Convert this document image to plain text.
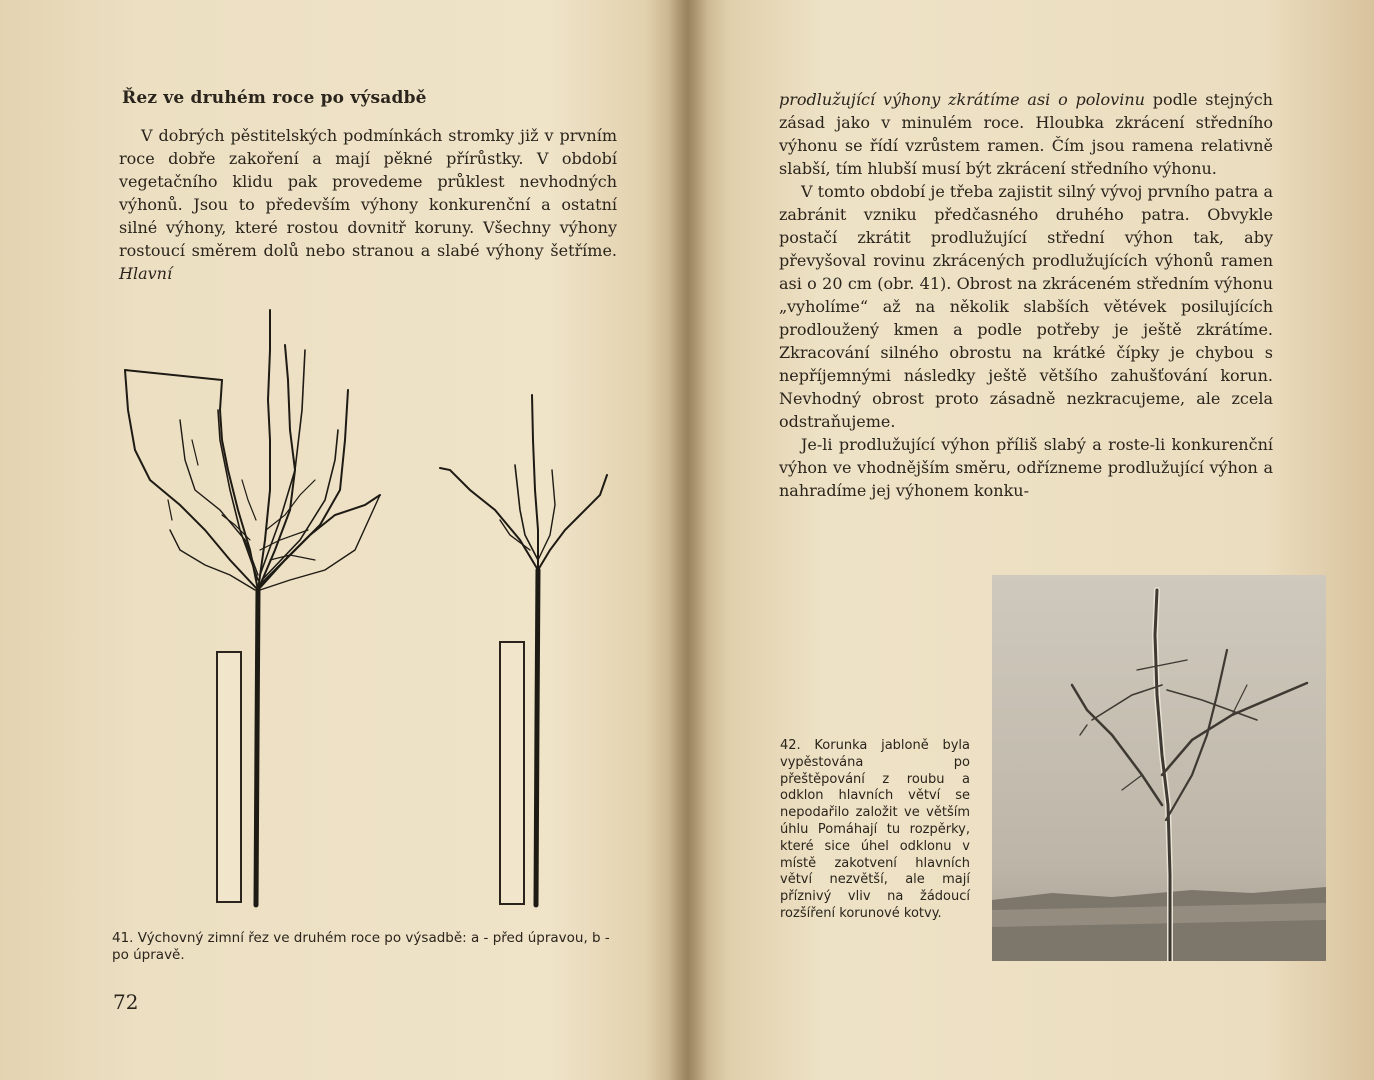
Řez ve druhém roce po výsadbě

V dobrých pěstitelských podmínkách stromky již v prvním roce dobře zakoření a mají pěkné přírůstky. V období vegetačního klidu pak provedeme průklest nevhodných výhonů. Jsou to především výhony konkurenční a ostatní silné výhony, které rostou dovnitř koruny. Všechny výhony rostoucí směrem dolů nebo stranou a slabé výhony šetříme. Hlavní

41. Výchovný zimní řez ve druhém roce po výsadbě: a - před úpravou, b - po úpravě.
72

prodlužující výhony zkrátíme asi o polovinu podle stejných zásad jako v minulém roce. Hloubka zkrácení středního výhonu se řídí vzrůstem ramen. Čím jsou ramena relativně slabší, tím hlubší musí být zkrácení středního výhonu.

V tomto období je třeba zajistit silný vývoj prvního patra a zabránit vzniku předčasného druhého patra. Obvykle postačí zkrátit prodlužující střední výhon tak, aby převyšoval rovinu zkrácených prodlužujících výhonů ramen asi o 20 cm (obr. 41). Obrost na zkráceném středním výhonu „vyholíme“ až na několik slabších větévek posilujících prodloužený kmen a podle potřeby je ještě zkrátíme. Zkracování silného obrostu na krátké čípky je chybou s nepříjemnými následky ještě většího zahušťování korun. Nevhodný obrost proto zásadně nezkracujeme, ale zcela odstraňujeme.

Je-li prodlužující výhon příliš slabý a roste-li konkurenční výhon ve vhodnějším směru, odřízneme prodlužující výhon a nahradíme jej výhonem konku-

42. Korunka jabloně byla vypěstována po přeštěpování z roubu a odklon hlavních větví se nepodařilo založit ve větším úhlu Pomáhají tu rozpěrky, které sice úhel odklonu v místě zakotvení hlavních větví nezvětší, ale mají příznivý vliv na žádoucí rozšíření korunové kotvy.
